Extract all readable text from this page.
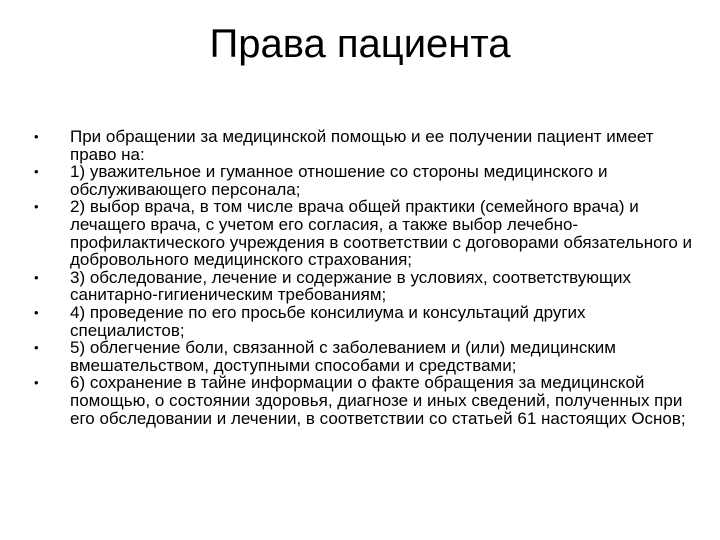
Права пациента
•	При обращении за медицинской помощью и ее получении пациент имеет право на:
•	1) уважительное и гуманное отношение со стороны медицинского и обслуживающего персонала;
•	2) выбор врача, в том числе врача общей практики (семейного врача) и лечащего врача, с учетом его согласия, а также выбор лечебно-профилактического учреждения в соответствии с договорами обязательного и добровольного медицинского страхования;
•	3) обследование, лечение и содержание в условиях, соответствующих санитарно-гигиеническим требованиям;
•	4) проведение по его просьбе консилиума и консультаций других специалистов;
•	5) облегчение боли, связанной с заболеванием и (или) медицинским вмешательством, доступными способами и средствами;
•	6) сохранение в тайне информации о факте обращения за медицинской помощью, о состоянии здоровья, диагнозе и иных сведений, полученных при его обследовании и лечении, в соответствии со статьей 61 настоящих Основ;
